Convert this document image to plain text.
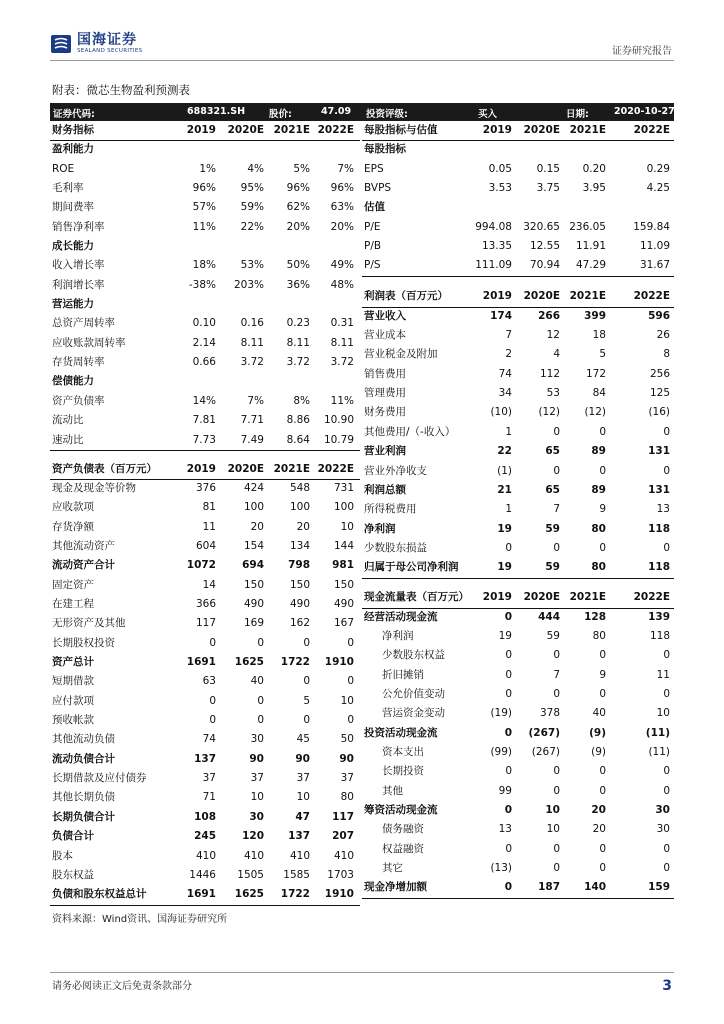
国海证券
SEALAND SECURITIES	证券研究报告
附表：微芯生物盈利预测表
证券代码:	688321.SH	股价:	47.09 投资评级:	买入	日期:	2020-10-27
财务指标	2019	2020E 2021E 2022E
盈利能力
ROE	1%	4%	5%	7%
毛利率	96%	95%	96%	96%
期间费率	57%	59%	62%	63%
销售净利率	11%	22%	20%	20%
成长能力
收入增长率	18%	53%	50%	49%
利润增长率	-38%	203%	36%	48%
营运能力
总资产周转率	0.10	0.16	0.23	0.31
应收账款周转率	2.14	8.11	8.11	8.11
存货周转率	0.66	3.72	3.72	3.72
偿债能力
资产负债率	14%	7%	8%	11%
流动比	7.81	7.71	8.86	10.90
速动比	7.73	7.49	8.64	10.79
资产负债表（百万元）	2019	2020E 2021E 2022E
现金及现金等价物	376	424	548	731
应收款项	81	100	100	100
存货净额	11	20	20	10
其他流动资产	604	154	134	144
流动资产合计	1072	694	798	981
固定资产	14	150	150	150
在建工程	366	490	490	490
无形资产及其他	117	169	162	167
长期股权投资	0	0	0	0
资产总计	1691	1625	1722	1910
短期借款	63	40	0	0
应付款项	0	0	5	10
预收帐款	0	0	0	0
其他流动负债	74	30	45	50
流动负债合计	137	90	90	90
长期借款及应付债券	37	37	37	37
其他长期负债	71	10	10	80
长期负债合计	108	30	47	117
负债合计	245	120	137	207
股本	410	410	410	410
股东权益	1446	1505	1585	1703
负债和股东权益总计	1691	1625	1722	1910
每股指标与估值	2019	2020E 2021E	2022E
每股指标
EPS	0.05	0.15	0.20	0.29
BVPS	3.53	3.75	3.95	4.25
估值
P/E	994.08	320.65 236.05	159.84
P/B	13.35	12.55	11.91	11.09
P/S	111.09	70.94	47.29	31.67
利润表（百万元）	2019	2020E 2021E	2022E
营业收入	174	266	399	596
营业成本	7	12	18	26
营业税金及附加	2	4	5	8
销售费用	74	112	172	256
管理费用	34	53	84	125
财务费用	(10)	(12)	(12)	(16)
其他费用/（-收入）	1	0	0	0
营业利润	22	65	89	131
营业外净收支	(1)	0	0	0
利润总额	21	65	89	131
所得税费用	1	7	9	13
净利润	19	59	80	118
少数股东损益	0	0	0	0
归属于母公司净利润	19	59	80	118
现金流量表（百万元）	2019	2020E 2021E	2022E
经营活动现金流	0	444	128	139
净利润	19	59	80	118
少数股东权益	0	0	0	0
折旧摊销	0	7	9	11
公允价值变动	0	0	0	0
营运资金变动	(19)	378	40	10
投资活动现金流	0	(267)	(9)	(11)
资本支出	(99)	(267)	(9)	(11)
长期投资	0	0	0	0
其他	99	0	0	0
筹资活动现金流	0	10	20	30
债务融资	13	10	20	30
权益融资	0	0	0	0
其它	(13)	0	0	0
现金净增加额	0	187	140	159
资料来源：Wind资讯、国海证券研究所
请务必阅读正文后免责条款部分	3
